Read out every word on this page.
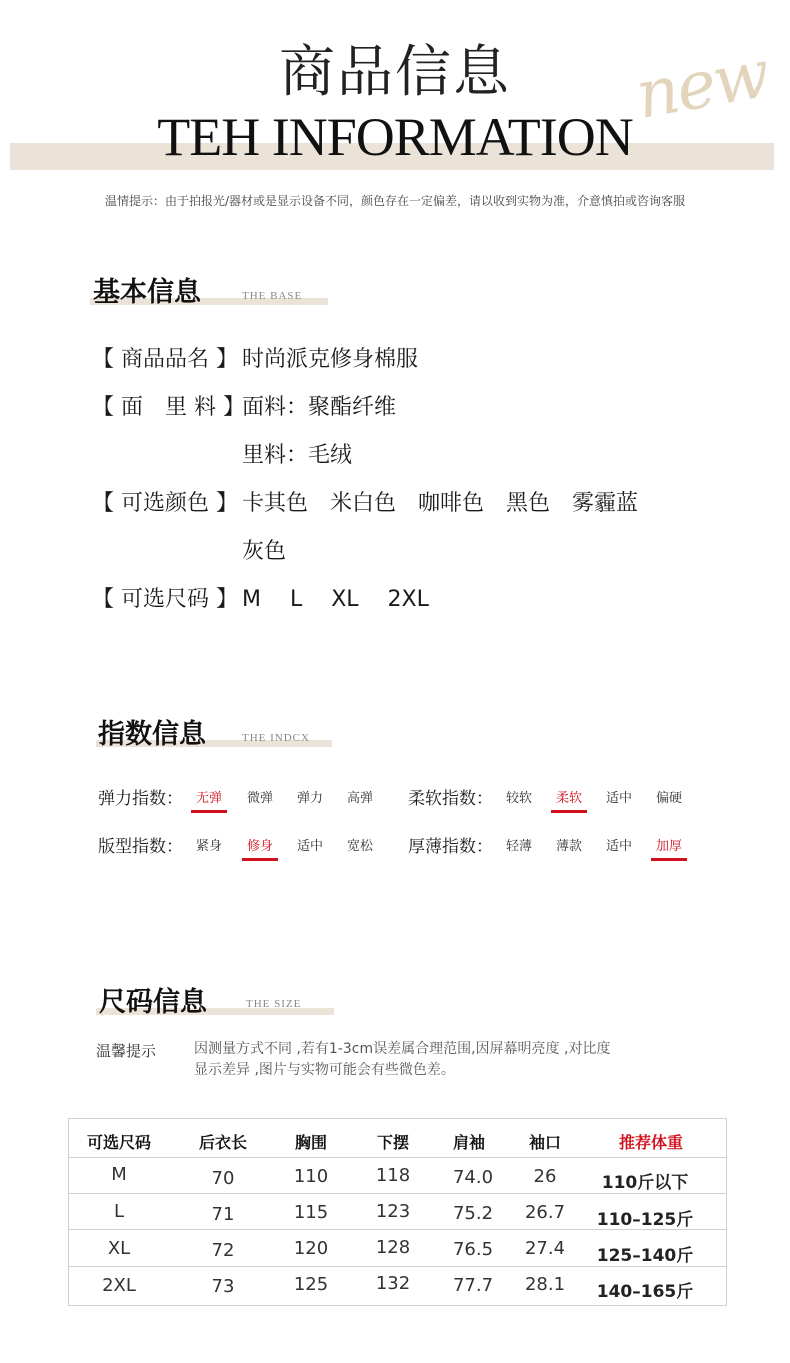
new
商品信息
TEH INFORMATION
温情提示：由于拍报光/器材或是显示设备不同，颜色存在一定偏差，请以收到实物为准，介意慎拍或咨询客服
基本信息	THE BASE
【 商品品名 】 时尚派克修身棉服
【 面　里 料 】
面料：聚酯纤维
里料：毛绒
【 可选颜色 】 卡其色　米白色　咖啡色　黑色　雾霾蓝
灰色
【 可选尺码 】 M　 L　 XL　 2XL
指数信息	THE INDCX
弹力指数： 无弹 微弹 弹力 高弹 柔软指数： 较软 柔软 适中 偏硬
版型指数： 紧身 修身 适中 宽松 厚薄指数： 轻薄 薄款 适中 加厚
尺码信息	THE SIZE
温馨提示	因测量方式不同 ,若有1-3cm误差属合理范围,因屏幕明亮度 ,对比度显示差异 ,图片与实物可能会有些微色差。
可选尺码	后衣长	胸围	下摆	肩袖	袖口	推荐体重
M	70	110	118	74.0	26	110斤以下
L	71	115	123	75.2	26.7	110–125斤
XL	72	120	128	76.5	27.4	125–140斤
2XL	73	125	132	77.7	28.1	140–165斤
